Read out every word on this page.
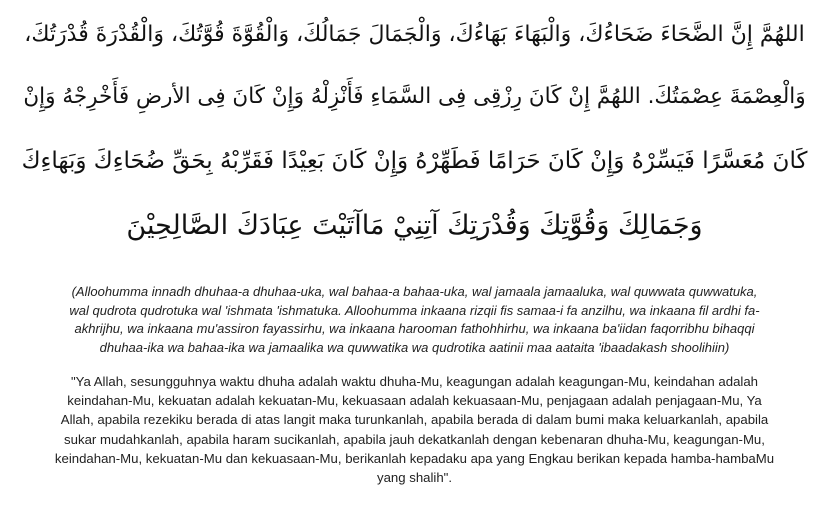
اللهُمَّ إِنَّ الضَّحَاءَ ضَحَاءُكَ، وَالْبَهَاءَ بَهَاءُكَ، وَالْجَمَالَ جَمَالُكَ، وَالْقُوَّةَ قُوَّتُكَ، وَالْقُدْرَةَ قُدْرَتُكَ،
وَالْعِصْمَةَ عِصْمَتُكَ. اللهُمَّ إِنْ كَانَ رِزْقِى فِى السَّمَاءِ فَأَنْزِلْهُ وَإِنْ كَانَ فِى الأرضِ فَأَخْرِجْهُ وَإِنْ
كَانَ مُعَسَّرًا فَيَسِّرْهُ وَإِنْ كَانَ حَرَامًا فَطَهِّرْهُ وَإِنْ كَانَ بَعِيْدًا فَقَرِّبْهُ بِحَقِّ ضُحَاءِكَ وَبَهَاءِكَ
وَجَمَالِكَ وَقُوَّتِكَ وَقُدْرَتِكَ آتِنِيْ مَاآتَيْتَ عِبَادَكَ الصَّالِحِيْنَ
(Alloohumma innadh dhuhaa-a dhuhaa-uka, wal bahaa-a bahaa-uka, wal jamaala jamaaluka, wal quwwata quwwatuka,
wal qudrota qudrotuka wal 'ishmata 'ishmatuka. Alloohumma inkaana rizqii fis samaa-i fa anzilhu, wa inkaana fil ardhi fa-
akhrijhu, wa inkaana mu'assiron fayassirhu, wa inkaana harooman fathohhirhu, wa inkaana ba'iidan faqorribhu bihaqqi
dhuhaa-ika wa bahaa-ika wa jamaalika wa quwwatika wa qudrotika aatinii maa aataita 'ibaadakash shoolihiin)
"Ya Allah, sesungguhnya waktu dhuha adalah waktu dhuha-Mu, keagungan adalah keagungan-Mu, keindahan adalah
keindahan-Mu, kekuatan adalah kekuatan-Mu, kekuasaan adalah kekuasaan-Mu, penjagaan adalah penjagaan-Mu, Ya
Allah, apabila rezekiku berada di atas langit maka turunkanlah, apabila berada di dalam bumi maka keluarkanlah, apabila
sukar mudahkanlah, apabila haram sucikanlah, apabila jauh dekatkanlah dengan kebenaran dhuha-Mu, keagungan-Mu,
keindahan-Mu, kekuatan-Mu dan kekuasaan-Mu, berikanlah kepadaku apa yang Engkau berikan kepada hamba-hambaMu
yang shalih".
